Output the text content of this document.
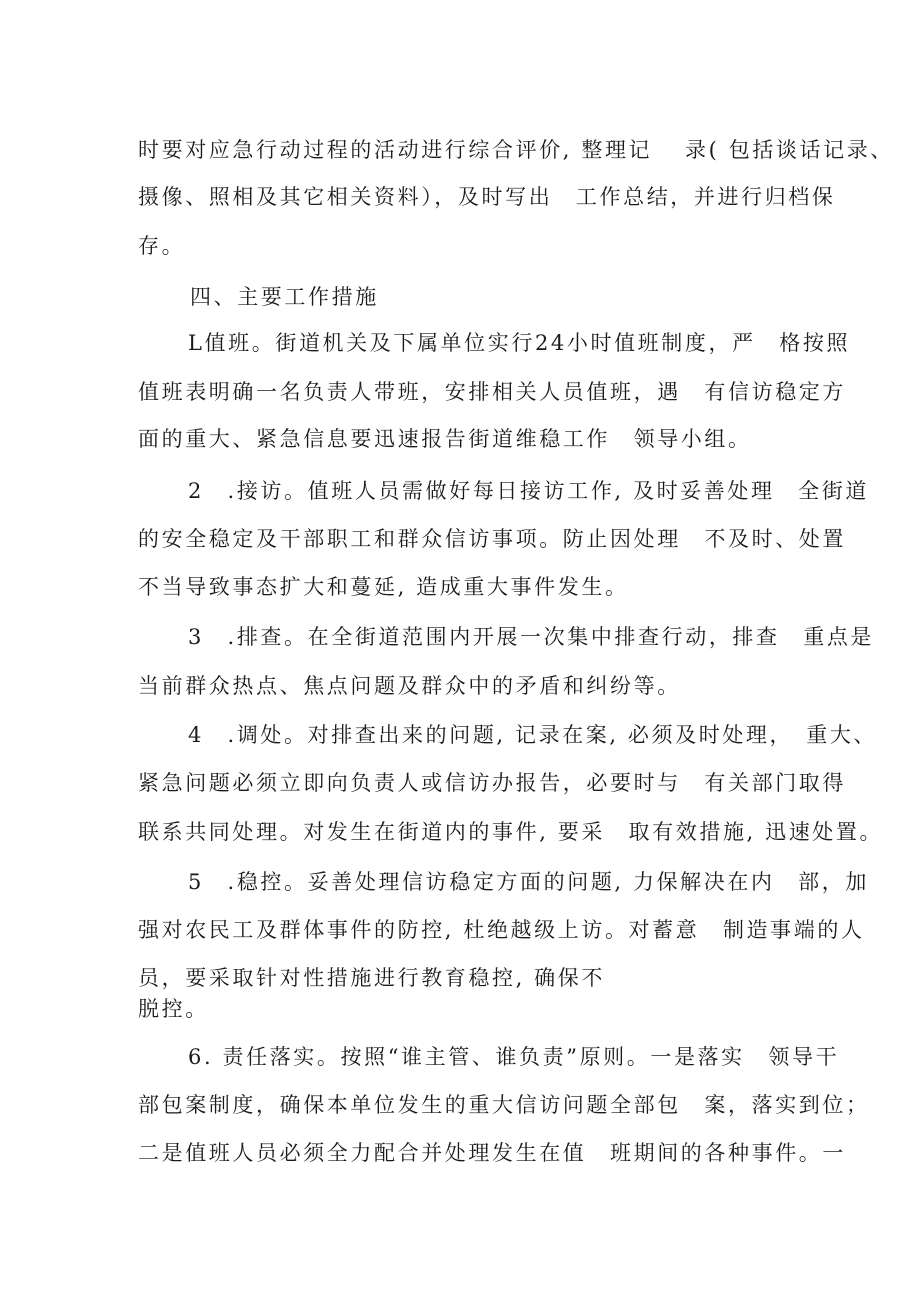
时要对应急行动过程的活动进行综合评价, 整理记　 录( 包括谈话记录、
摄像、照相及其它相关资料），及时写出　工作总结，并进行归档保
存。
四、主要工作措施
L值班。街道机关及下属单位实行24小时值班制度，严　格按照
值班表明确一名负责人带班，安排相关人员值班，遇　有信访稳定方
面的重大、紧急信息要迅速报告街道维稳工作　领导小组。
2　.接访。值班人员需做好每日接访工作, 及时妥善处理　全街道
的安全稳定及干部职工和群众信访事项。防止因处理　不及时、处置
不当导致事态扩大和蔓延, 造成重大事件发生。
3　.排查。在全街道范围内开展一次集中排查行动，排查　重点是
当前群众热点、焦点问题及群众中的矛盾和纠纷等。
4　.调处。对排查出来的问题, 记录在案, 必须及时处理，　重大、
紧急问题必须立即向负责人或信访办报告，必要时与　有关部门取得
联系共同处理。对发生在街道内的事件, 要采　取有效措施, 迅速处置。
5　.稳控。妥善处理信访稳定方面的问题, 力保解决在内　部，加
强对农民工及群体事件的防控, 杜绝越级上访。对蓄意　制造事端的人
员，要采取针对性措施进行教育稳控, 确保不
脱控。
6. 责任落实。按照“谁主管、谁负责”原则。一是落实　领导干
部包案制度，确保本单位发生的重大信访问题全部包　案，落实到位；
二是值班人员必须全力配合并处理发生在值　班期间的各种事件。一
